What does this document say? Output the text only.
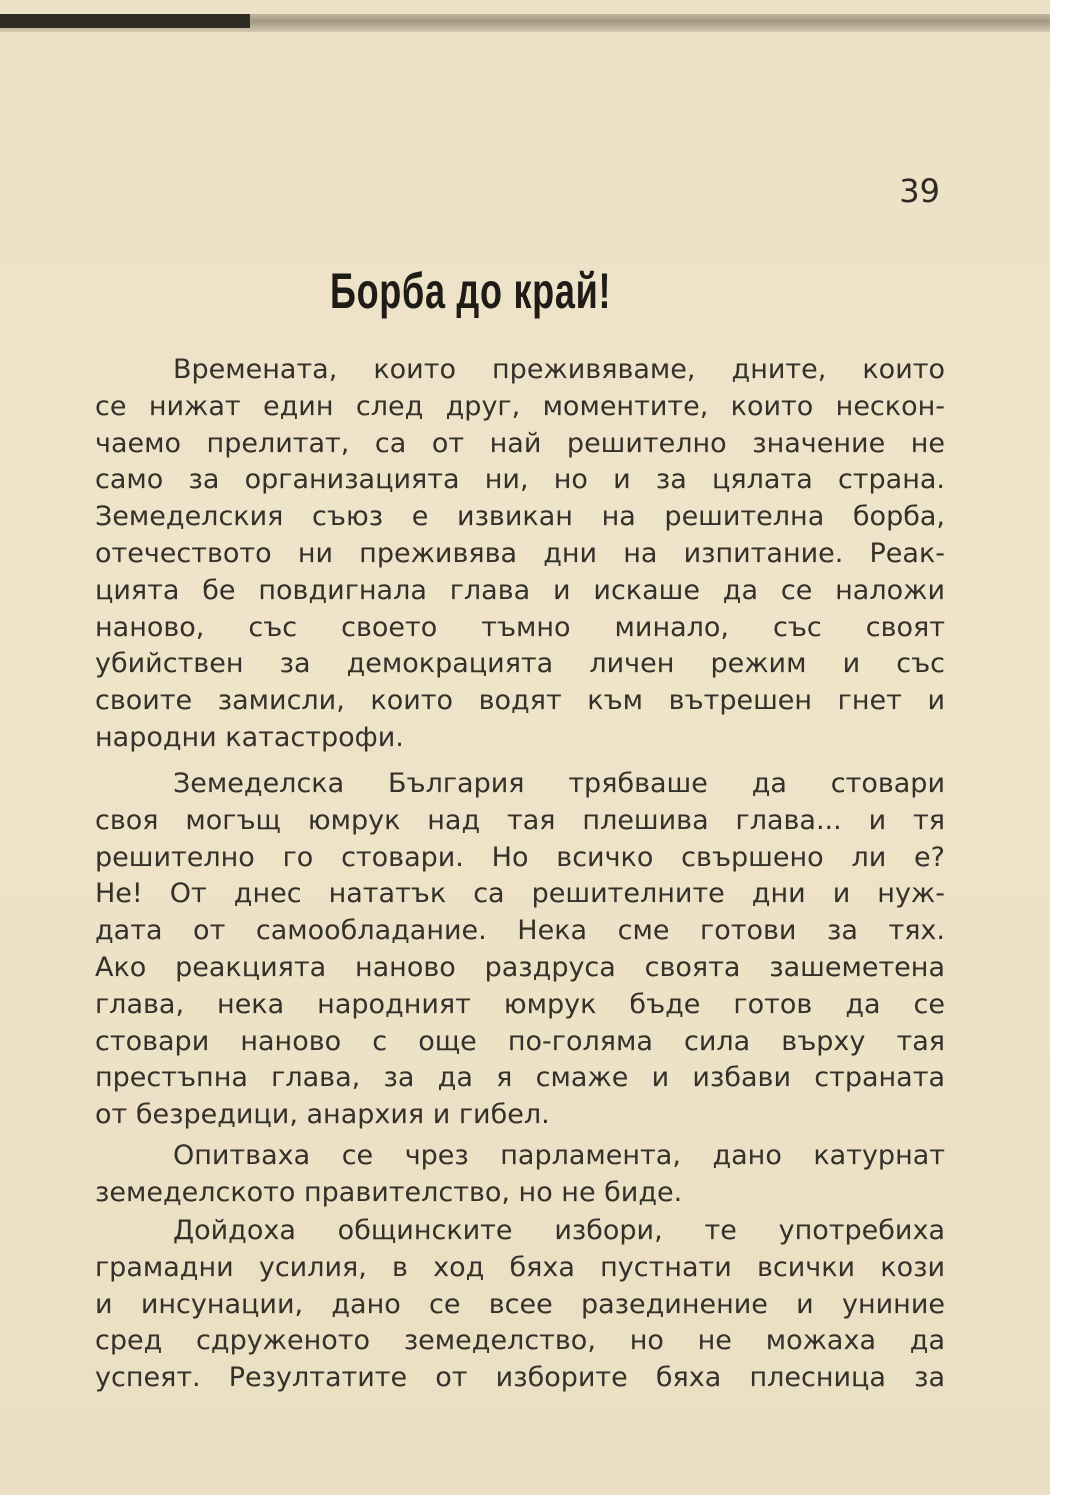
39
Борба до край!
Времената, които преживяваме, дните, които
се нижат един след друг, моментите, които нескон-
чаемо прелитат, са от най решително значение не
само за организацията ни, но и за цялата страна.
Земеделския съюз е извикан на решителна борба,
отечеството ни преживява дни на изпитание. Реак-
цията бе повдигнала глава и искаше да се наложи
наново, със своето тъмно минало, със своят
убийствен за демокрацията личен режим и със
своите замисли, които водят към вътрешен гнет и
народни катастрофи.
Земеделска България трябваше да стовари
своя могъщ юмрук над тая плешива глава... и тя
решително го стовари. Но всичко свършено ли е?
Не! От днес нататък са решителните дни и нуж-
дата от самообладание. Нека сме готови за тях.
Ако реакцията наново раздруса своята зашеметена
глава, нека народният юмрук бъде готов да се
стовари наново с още по-голяма сила върху тая
престъпна глава, за да я смаже и избави страната
от безредици, анархия и гибел.
Опитваха се чрез парламента, дано катурнат
земеделското правителство, но не биде.
Дойдоха общинските избори, те употребиха
грамадни усилия, в ход бяха пустнати всички кози
и инсунации, дано се всее разединение и униние
сред сдруженото земеделство, но не можаха да
успеят. Резултатите от изборите бяха плесница за
